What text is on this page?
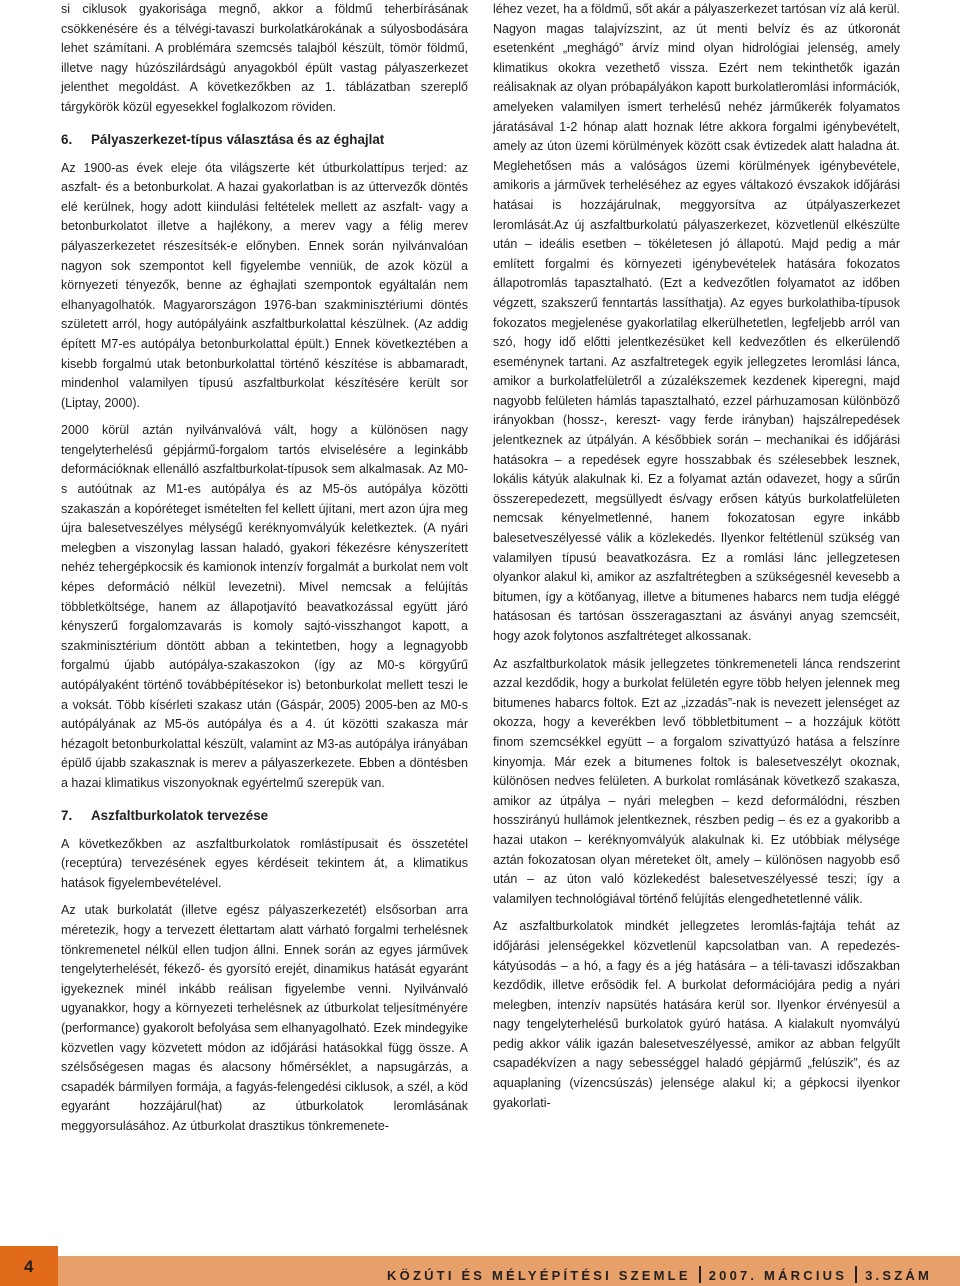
si ciklusok gyakorisága megnő, akkor a földmű teherbírásának csökkenésére és a télvégi-tavaszi burkolatkárokának a súlyosbodására lehet számítani. A problémára szemcsés talajból készült, tömör földmű, illetve nagy húzószilárdságú anyagokból épült vastag pályaszerkezet jelenthet megoldást. A következőkben az 1. táblázatban szereplő tárgykörök közül egyesekkel foglalkozom röviden.

6. Pályaszerkezet-típus választása és az éghajlat

Az 1900-as évek eleje óta világszerte két útburkolattípus terjed: az aszfalt- és a betonburkolat. A hazai gyakorlatban is az úttervezők döntés elé kerülnek, hogy adott kiindulási feltételek mellett az aszfalt- vagy a betonburkolatot illetve a hajlékony, a merev vagy a félig merev pályaszerkezetet részesítsék-e előnyben. Ennek során nyilvánvalóan nagyon sok szempontot kell figyelembe venniük, de azok közül a környezeti tényezők, benne az éghajlati szempontok egyáltalán nem elhanyagolhatók. Magyarországon 1976-ban szakminisztériumi döntés született arról, hogy autópályáink aszfaltburkolattal készülnek. (Az addig épített M7-es autópálya betonburkolattal épült.) Ennek következtében a kisebb forgalmú utak betonburkolattal történő készítése is abbamaradt, mindenhol valamilyen típusú aszfaltburkolat készítésére került sor (Liptay, 2000).

2000 körül aztán nyilvánvalóvá vált, hogy a különösen nagy tengelyterhelésű gépjármű-forgalom tartós elviselésére a leginkább deformációknak ellenálló aszfaltburkolat-típusok sem alkalmasak. Az M0-s autóútnak az M1-es autópálya és az M5-ös autópálya közötti szakaszán a kopóréteget ismételten fel kellett újítani, mert azon újra meg újra balesetveszélyes mélységű keréknyomvályúk keletkeztek. (A nyári melegben a viszonylag lassan haladó, gyakori fékezésre kényszerített nehéz tehergépkocsik és kamionok intenzív forgalmát a burkolat nem volt képes deformáció nélkül levezetni). Mivel nemcsak a felújítás többletköltsége, hanem az állapotjavító beavatkozással együtt járó kényszerű forgalomzavarás is komoly sajtó-visszhangot kapott, a szakminisztérium döntött abban a tekintetben, hogy a legnagyobb forgalmú újabb autópálya-szakaszokon (így az M0-s körgyűrű autópályaként történő továbbépítésekor is) betonburkolat mellett teszi le a voksát. Több kísérleti szakasz után (Gáspár, 2005) 2005-ben az M0-s autópályának az M5-ös autópálya és a 4. út közötti szakasza már hézagolt betonburkolattal készült, valamint az M3-as autópálya irányában épülő újabb szakasznak is merev a pályaszerkezete. Ebben a döntésben a hazai klimatikus viszonyoknak egyértelmű szerepük van.

7. Aszfaltburkolatok tervezése

A következőkben az aszfaltburkolatok romlástípusait és összetétel (receptúra) tervezésének egyes kérdéseit tekintem át, a klimatikus hatások figyelembevételével.

Az utak burkolatát (illetve egész pályaszerkezetét) elsősorban arra méretezik, hogy a tervezett élettartam alatt várható forgalmi terhelésnek tönkremenetel nélkül ellen tudjon állni. Ennek során az egyes járművek tengelyterhelését, fékező- és gyorsító erejét, dinamikus hatását egyaránt igyekeznek minél inkább reálisan figyelembe venni. Nyilvánvaló ugyanakkor, hogy a környezeti terhelésnek az útburkolat teljesítményére (performance) gyakorolt befolyása sem elhanyagolható. Ezek mindegyike közvetlen vagy közvetett módon az időjárási hatásokkal függ össze. A szélsőségesen magas és alacsony hőmérséklet, a napsugárzás, a csapadék bármilyen formája, a fagyás-felengedési ciklusok, a szél, a köd egyaránt hozzájárul(hat) az útburkolatok leromlásának meggyorsulásához. Az útburkolat drasztikus tönkremenete-

léhez vezet, ha a földmű, sőt akár a pályaszerkezet tartósan víz alá kerül. Nagyon magas talajvízszint, az út menti belvíz és az útkoronát esetenként „meghágó” árvíz mind olyan hidrológiai jelenség, amely klimatikus okokra vezethető vissza. Ezért nem tekinthetők igazán reálisaknak az olyan próbapályákon kapott burkolatleromlási információk, amelyeken valamilyen ismert terhelésű nehéz járműkerék folyamatos járatásával 1-2 hónap alatt hoznak létre akkora forgalmi igénybevételt, amely az úton üzemi körülmények között csak évtizedek alatt haladna át. Meglehetősen más a valóságos üzemi körülmények igénybevétele, amikoris a járművek terheléséhez az egyes váltakozó évszakok időjárási hatásai is hozzájárulnak, meggyorsítva az útpályaszerkezet leromlását.Az új aszfaltburkolatú pályaszerkezet, közvetlenül elkészülte után – ideális esetben – tökéletesen jó állapotú. Majd pedig a már említett forgalmi és környezeti igénybevételek hatására fokozatos állapotromlás tapasztalható. (Ezt a kedvezőtlen folyamatot az időben végzett, szakszerű fenntartás lassíthatja). Az egyes burkolathiba-típusok fokozatos megjelenése gyakorlatilag elkerülhetetlen, legfeljebb arról van szó, hogy idő előtti jelentkezésüket kell kedvezőtlen és elkerülendő eseménynek tartani. Az aszfaltretegek egyik jellegzetes leromlási lánca, amikor a burkolatfelületről a zúzalékszemek kezdenek kiperegni, majd nagyobb felületen hámlás tapasztalható, ezzel párhuzamosan különböző irányokban (hossz-, kereszt- vagy ferde irányban) hajszálrepedések jelentkeznek az útpályán. A későbbiek során – mechanikai és időjárási hatásokra – a repedések egyre hosszabbak és szélesebbek lesznek, lokális kátyúk alakulnak ki. Ez a folyamat aztán odavezet, hogy a sűrűn összerepedezett, megsüllyedt és/vagy erősen kátyús burkolatfelületen nemcsak kényelmetlenné, hanem fokozatosan egyre inkább balesetveszélyessé válik a közlekedés. Ilyenkor feltétlenül szükség van valamilyen típusú beavatkozásra. Ez a romlási lánc jellegzetesen olyankor alakul ki, amikor az aszfaltrétegben a szükségesnél kevesebb a bitumen, így a kötőanyag, illetve a bitumenes habarcs nem tudja eléggé hatásosan és tartósan összeragasztani az ásványi anyag szemcséit, hogy azok folytonos aszfaltréteget alkossanak.

Az aszfaltburkolatok másik jellegzetes tönkremeneteli lánca rendszerint azzal kezdődik, hogy a burkolat felületén egyre több helyen jelennek meg bitumenes habarcs foltok. Ezt az „izzadás”-nak is nevezett jelenséget az okozza, hogy a keverékben levő többletbitument – a hozzájuk kötött finom szemcsékkel együtt – a forgalom szivattyúzó hatása a felszínre kinyomja. Már ezek a bitumenes foltok is balesetveszélyt okoznak, különösen nedves felületen. A burkolat romlásának következő szakasza, amikor az útpálya – nyári melegben – kezd deformálódni, részben hosszirányú hullámok jelentkeznek, részben pedig – és ez a gyakoribb a hazai utakon – keréknyomvályúk alakulnak ki. Ez utóbbiak mélysége aztán fokozatosan olyan méreteket ölt, amely – különösen nagyobb eső után – az úton való közlekedést balesetveszélyessé teszi; így a valamilyen technológiával történő felújítás elengedhetetlenné válik.

Az aszfaltburkolatok mindkét jellegzetes leromlás-fajtája tehát az időjárási jelenségekkel közvetlenül kapcsolatban van. A repedezés-kátyúsodás – a hó, a fagy és a jég hatására – a téli-tavaszi időszakban kezdődik, illetve erősödik fel. A burkolat deformációjára pedig a nyári melegben, intenzív napsütés hatására kerül sor. Ilyenkor érvényesül a nagy tengelyterhelésű burkolatok gyúró hatása. A kialakult nyomvályú pedig akkor válik igazán balesetveszélyessé, amikor az abban felgyűlt csapadékvízen a nagy sebességgel haladó gépjármű „felúszik”, és az aquaplaning (vízencsúszás) jelensége alakul ki; a gépkocsi ilyenkor gyakorlati-

4	KÖZÚTI ÉS MÉLYÉPÍTÉSI SZEMLE 2007. MÁRCIUS 3.SZÁM
